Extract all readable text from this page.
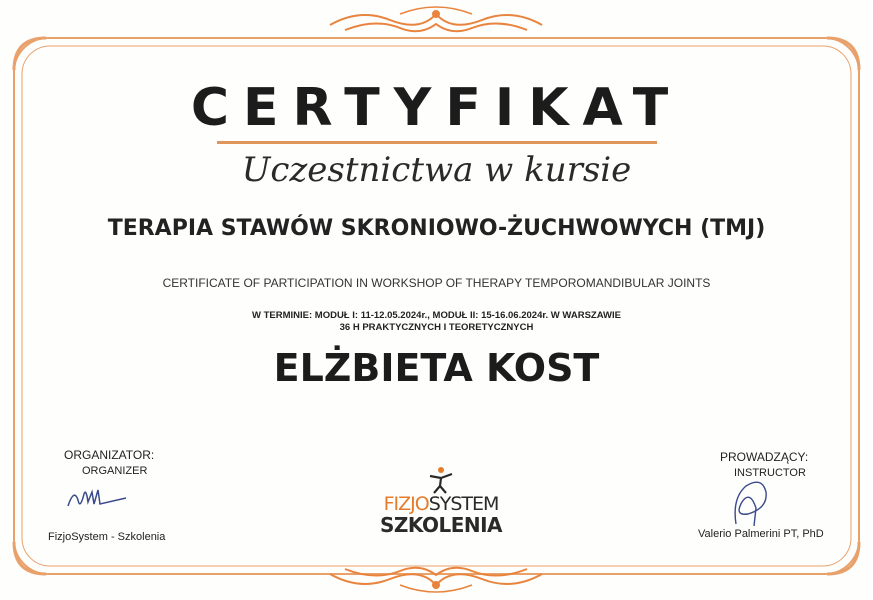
CERTYFIKAT
Uczestnictwa w kursie
TERAPIA STAWÓW SKRONIOWO-ŻUCHWOWYCH (TMJ)
CERTIFICATE OF PARTICIPATION IN WORKSHOP OF THERAPY TEMPOROMANDIBULAR JOINTS
W TERMINIE: MODUŁ I: 11-12.05.2024r., MODUŁ II: 15-16.06.2024r. W WARSZAWIE
36 H PRAKTYCZNYCH I TEORETYCZNYCH
ELŻBIETA KOST
ORGANIZATOR:
ORGANIZER
FizjoSystem - Szkolenia
FIZJOSYSTEM
SZKOLENIA
PROWADZĄCY:
INSTRUCTOR
Valerio Palmerini PT, PhD
